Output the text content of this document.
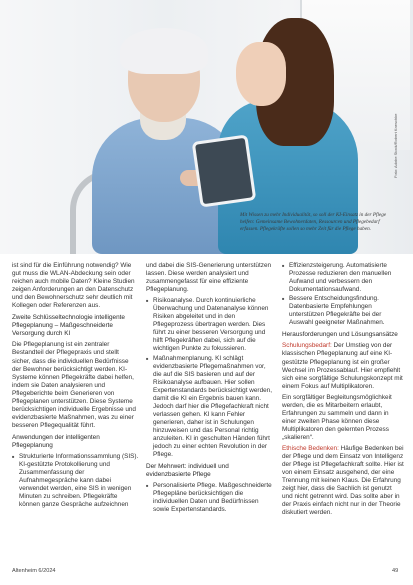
Mit Wissen zu mehr Individualität, so soll der KI-Einsatz in der Pflege helfen: Gemeinsame Bewohnerdaten, Ressourcen und Pflegebedarf erfassen. Pflegekräfte sollen so mehr Zeit für die Pflege haben.
Foto: Adobe Stock/Robert Kneschke

ist sind für die Einführung notwendig? Wie gut muss die WLAN-Abdeckung sein oder reichen auch mobile Daten? Kleine Studien zeigen Anforderungen an den Datenschutz und den Bewohnerschutz sehr deutlich mit Kollegen oder Referenzen aus.

Zweite Schlüsseltechnologie intelligente Pflegeplanung – Maßgeschneiderte Versorgung durch KI

Die Pflegeplanung ist ein zentraler Bestandteil der Pflegepraxis und stellt sicher, dass die individuellen Bedürfnisse der Bewohner berücksichtigt werden. KI-Systeme können Pflegekräfte dabei helfen, indem sie Daten analysieren und Pflegeberichte beim Generieren von Pflegeplanen unterstützen. Diese Systeme berücksichtigen individuelle Ergebnisse und evidenzbasierte Maßnahmen, was zu einer besseren Pflegequalität führt.

Anwendungen der intelligenten Pflegeplanung
■ Strukturierte Informationssammlung (SIS). KI-gestützte Protokollierung und Zusammenfassung der Aufnahmegespräche kann dabei verwendet werden, eine SIS in wenigen Minuten zu schreiben. Pflegekräfte können ganze Gespräche aufzeichnen

und dabei die SIS-Generierung unterstützen lassen. Diese werden analysiert und zusammengefasst für eine effiziente Pflegeplanung.

■ Risikoanalyse. Durch kontinuierliche Überwachung und Datenanalyse können Risiken abgeleitet und in den Pflegeprozess übertragen werden. Dies führt zu einer besseren Versorgung und hilft Pflegekräften dabei, sich auf die wichtigen Punkte zu fokussieren.
■ Maßnahmenplanung. KI schlägt evidenzbasierte Pflegemaßnahmen vor, die auf die SIS basieren und auf der Risikoanalyse aufbauen. Hier sollen Expertenstandards berücksichtigt werden, damit die KI ein Ergebnis bauen kann. Jedoch darf hier die Pflegefachkraft nicht verlassen gehen. KI kann Fehler generieren, daher ist in Schulungen hinzuweisen und das Personal richtig anzuleiten. KI in geschulten Händen führt jedoch zu einer echten Revolution in der Pflege.
Der Mehrwert: individuell und evidenzbasierte Pflege
■ Personalisierte Pflege. Maßgeschneiderte Pflegepläne berücksichtigen die individuellen Daten und Bedürfnissen sowie Expertenstandards.
■ Effizienzsteigerung. Automatisierte Prozesse reduzieren den manuellen Aufwand und verbessern den Dokumentationsaufwand.
■ Bessere Entscheidungsfindung. Datenbasierte Empfehlungen unterstützen Pflegekräfte bei der Auswahl geeigneter Maßnahmen.
Herausforderungen und Lösungsansätze

Schulungsbedarf: Der Umstieg von der klassischen Pflegeplanung auf eine KI-gestützte Pflegeplanung ist ein großer Wechsel im Prozessablauf. Hier empfiehlt sich eine sorgfältige Schulungskonzept mit einem Fokus auf Multiplikatoren.

Ein sorgfältiger Begleitungsmöglichkeit werden, die es Mitarbeitern erlaubt, Erfahrungen zu sammeln und dann in einer zweiten Phase können diese Multiplikatoren den gelernten Prozess „skalieren“.

Ethische Bedenken: Häufige Bedenken bei der Pflege und dem Einsatz von Intelligenz der Pflege ist Pflegefachkraft sollte. Hier ist von einem Einsatz ausgehend, der eine Trennung mit keinen Klaus. Die Erfahrung zeigt hier, dass die Sachlich ist genutzt und nicht getrennt wird. Das sollte aber in der Praxis einfach nicht nur in der Theorie diskutiert werden.

Altenheim 6/2024	49
